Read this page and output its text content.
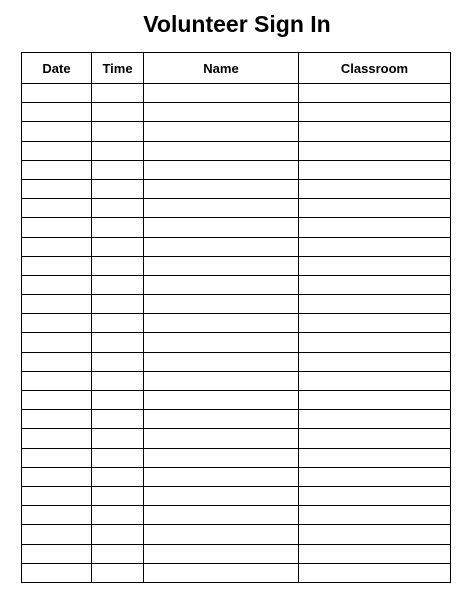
Volunteer Sign In
Date	Time	Name	Classroom
